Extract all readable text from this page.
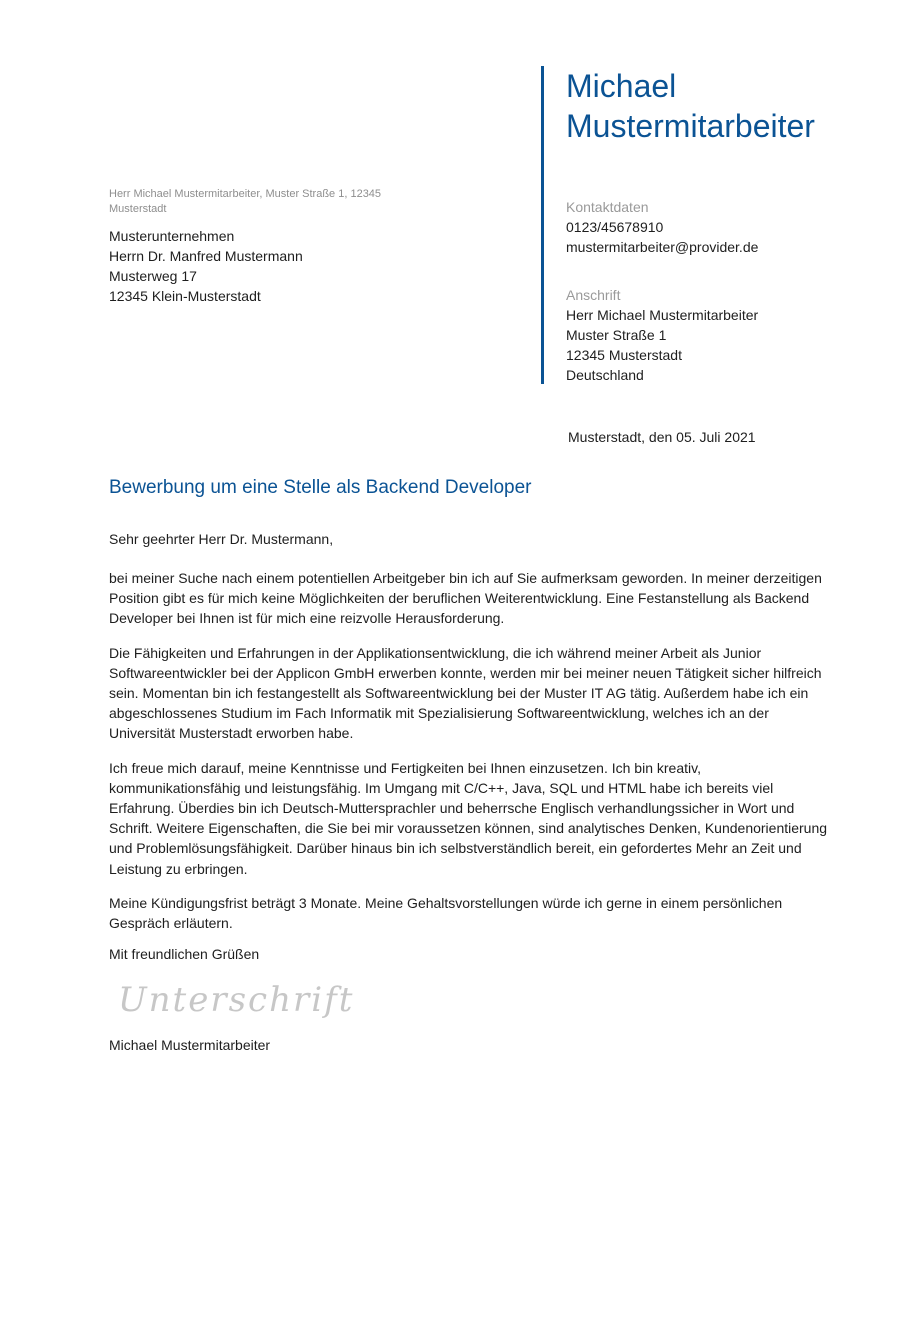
Michael
Mustermitarbeiter
Kontaktdaten
0123/45678910
mustermitarbeiter@provider.de
Anschrift
Herr Michael Mustermitarbeiter
Muster Straße 1
12345 Musterstadt
Deutschland
Herr Michael Mustermitarbeiter, Muster Straße 1, 12345 Musterstadt
Musterunternehmen
Herrn Dr. Manfred Mustermann
Musterweg 17
12345 Klein-Musterstadt
Musterstadt, den 05. Juli 2021
Bewerbung um eine Stelle als Backend Developer
Sehr geehrter Herr Dr. Mustermann,

bei meiner Suche nach einem potentiellen Arbeitgeber bin ich auf Sie aufmerksam geworden. In meiner derzeitigen Position gibt es für mich keine Möglichkeiten der beruflichen Weiterentwicklung. Eine Festanstellung als Backend Developer bei Ihnen ist für mich eine reizvolle Herausforderung.

Die Fähigkeiten und Erfahrungen in der Applikationsentwicklung, die ich während meiner Arbeit als Junior Softwareentwickler bei der Applicon GmbH erwerben konnte, werden mir bei meiner neuen Tätigkeit sicher hilfreich sein. Momentan bin ich festangestellt als Softwareentwicklung bei der Muster IT AG tätig. Außerdem habe ich ein abgeschlossenes Studium im Fach Informatik mit Spezialisierung Softwareentwicklung, welches ich an der Universität Musterstadt erworben habe.

Ich freue mich darauf, meine Kenntnisse und Fertigkeiten bei Ihnen einzusetzen. Ich bin kreativ, kommunikationsfähig und leistungsfähig. Im Umgang mit C/C++, Java, SQL und HTML habe ich bereits viel Erfahrung. Überdies bin ich Deutsch-Muttersprachler und beherrsche Englisch verhandlungssicher in Wort und Schrift. Weitere Eigenschaften, die Sie bei mir voraussetzen können, sind analytisches Denken, Kundenorientierung und Problemlösungsfähigkeit. Darüber hinaus bin ich selbstverständlich bereit, ein gefordertes Mehr an Zeit und Leistung zu erbringen.

Meine Kündigungsfrist beträgt 3 Monate. Meine Gehaltsvorstellungen würde ich gerne in einem persönlichen Gespräch erläutern.

Mit freundlichen Grüßen
Unterschrift
Michael Mustermitarbeiter
